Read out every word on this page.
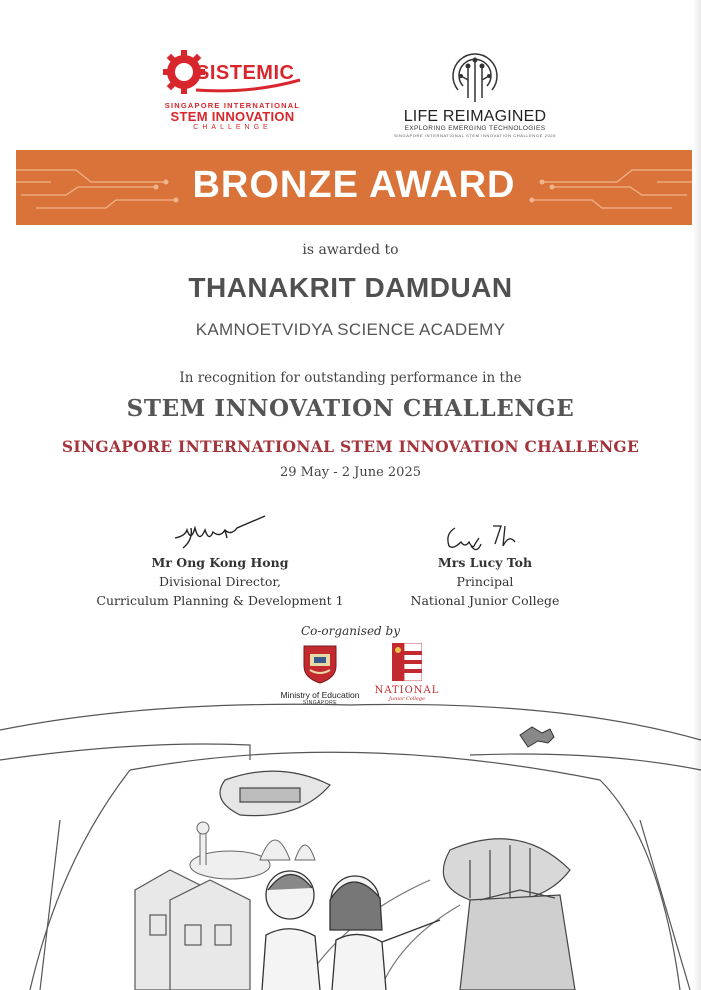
SISTEMIC
SINGAPORE INTERNATIONAL
STEM INNOVATION
CHALLENGE
LIFE REIMAGINED
EXPLORING EMERGING TECHNOLOGIES
SINGAPORE INTERNATIONAL STEM INNOVATION CHALLENGE 2025
BRONZE AWARD
is awarded to
THANAKRIT DAMDUAN
KAMNOETVIDYA SCIENCE ACADEMY
In recognition for outstanding performance in the
STEM INNOVATION CHALLENGE
SINGAPORE INTERNATIONAL STEM INNOVATION CHALLENGE
29 May - 2 June 2025
Mr Ong Kong Hong
Divisional Director,
Curriculum Planning & Development 1
Mrs Lucy Toh
Principal
National Junior College
Co-organised by
Ministry of Education
SINGAPORE
NATIONAL
Junior College
